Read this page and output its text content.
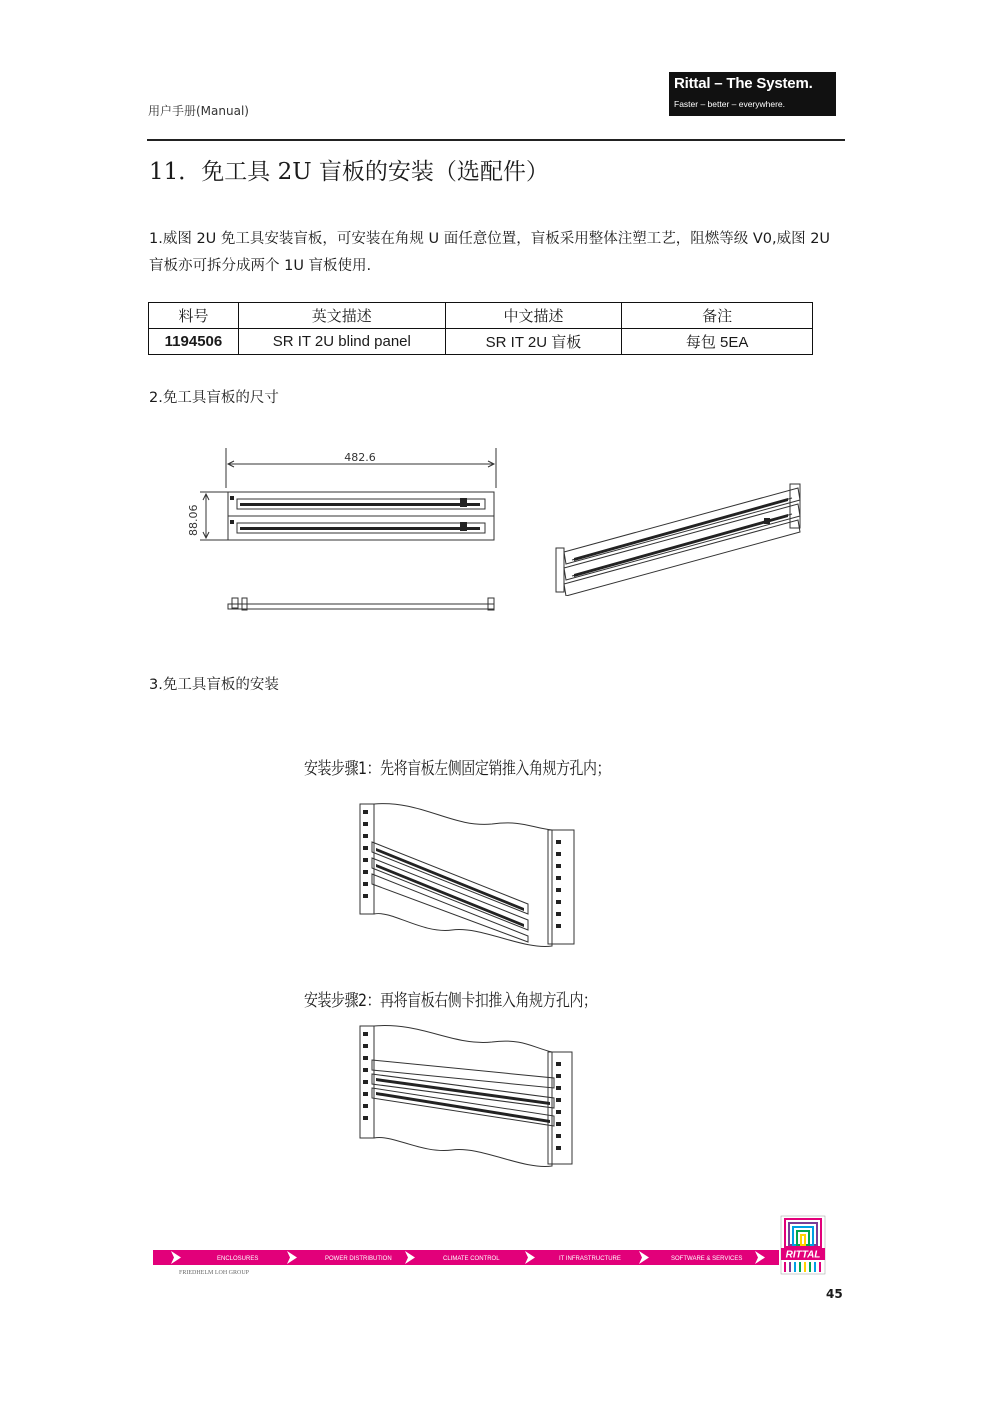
用户手册(Manual)
Rittal – The System.
Faster – better – everywhere.
11．免工具 2U 盲板的安装（选配件）
1.威图 2U 免工具安装盲板，可安装在角规 U 面任意位置，盲板采用整体注塑工艺，阻燃等级 V0,威图 2U 盲板亦可拆分成两个 1U 盲板使用.
料号	英文描述	中文描述	备注
1194506	SR IT 2U blind panel	SR IT 2U 盲板	每包 5EA
2.免工具盲板的尺寸
482.6
88.06
3.免工具盲板的安装
安装步骤1：先将盲板左侧固定销推入角规方孔内；
安装步骤2：再将盲板右侧卡扣推入角规方孔内；
ENCLOSURES	POWER DISTRIBUTION	CLIMATE CONTROL	IT INFRASTRUCTURE	SOFTWARE & SERVICES
FRIEDHELM LOH GROUP
RITTAL
45
